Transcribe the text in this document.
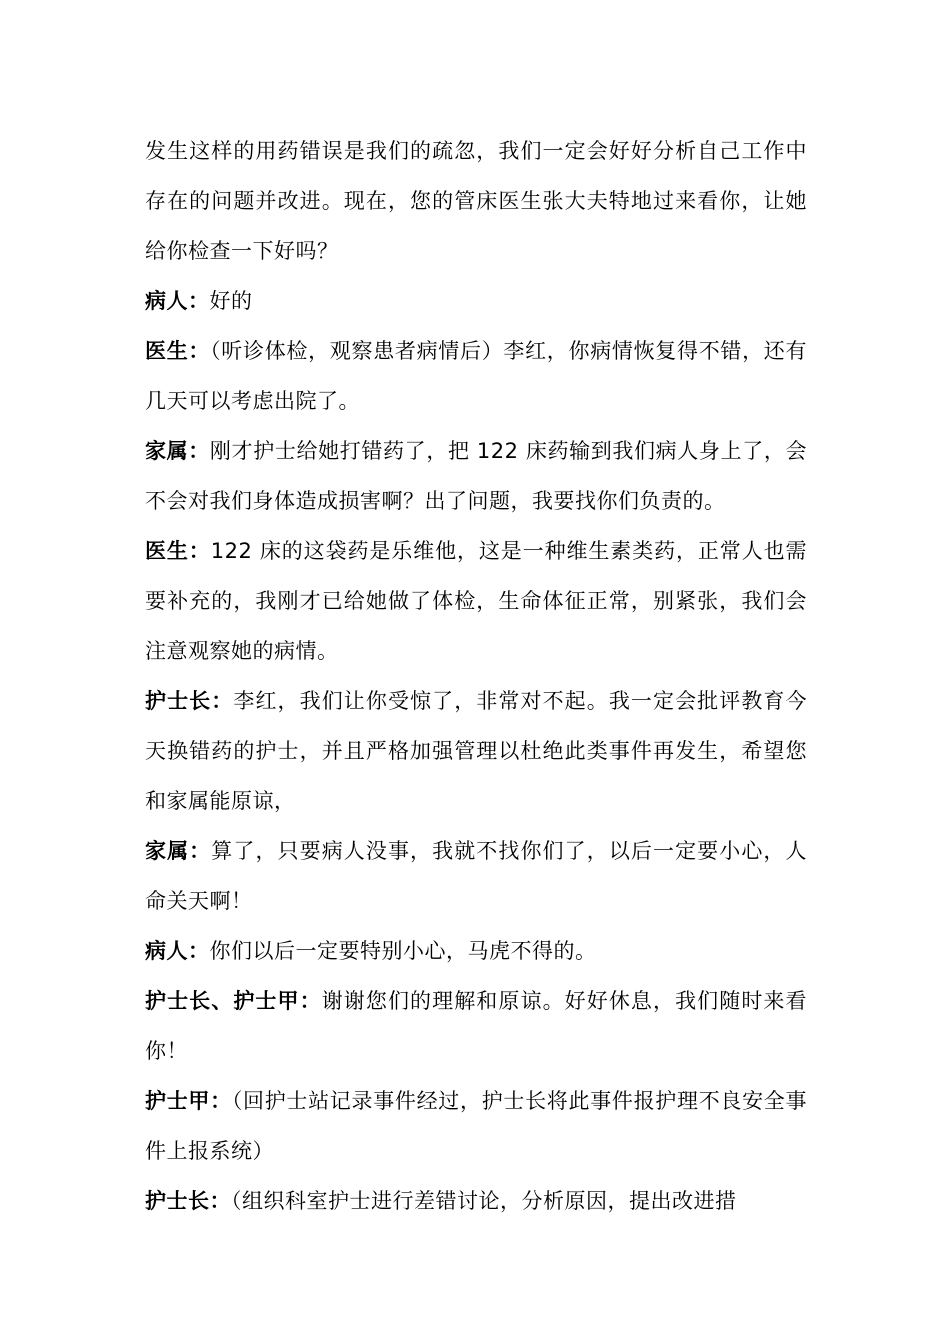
发生这样的用药错误是我们的疏忽，我们一定会好好分析自己工作中存在的问题并改进。现在，您的管床医生张大夫特地过来看你，让她给你检查一下好吗？

病人：好的

医生：（听诊体检，观察患者病情后）李红，你病情恢复得不错，还有几天可以考虑出院了。

家属：刚才护士给她打错药了，把 122 床药输到我们病人身上了，会不会对我们身体造成损害啊？出了问题，我要找你们负责的。

医生：122 床的这袋药是乐维他，这是一种维生素类药，正常人也需要补充的，我刚才已给她做了体检，生命体征正常，别紧张，我们会注意观察她的病情。

护士长：李红，我们让你受惊了，非常对不起。我一定会批评教育今天换错药的护士，并且严格加强管理以杜绝此类事件再发生，希望您和家属能原谅，

家属：算了，只要病人没事，我就不找你们了，以后一定要小心，人命关天啊！

病人：你们以后一定要特别小心，马虎不得的。

护士长、护士甲：谢谢您们的理解和原谅。好好休息，我们随时来看你！

护士甲：（回护士站记录事件经过，护士长将此事件报护理不良安全事件上报系统）

护士长：（组织科室护士进行差错讨论，分析原因，提出改进措
